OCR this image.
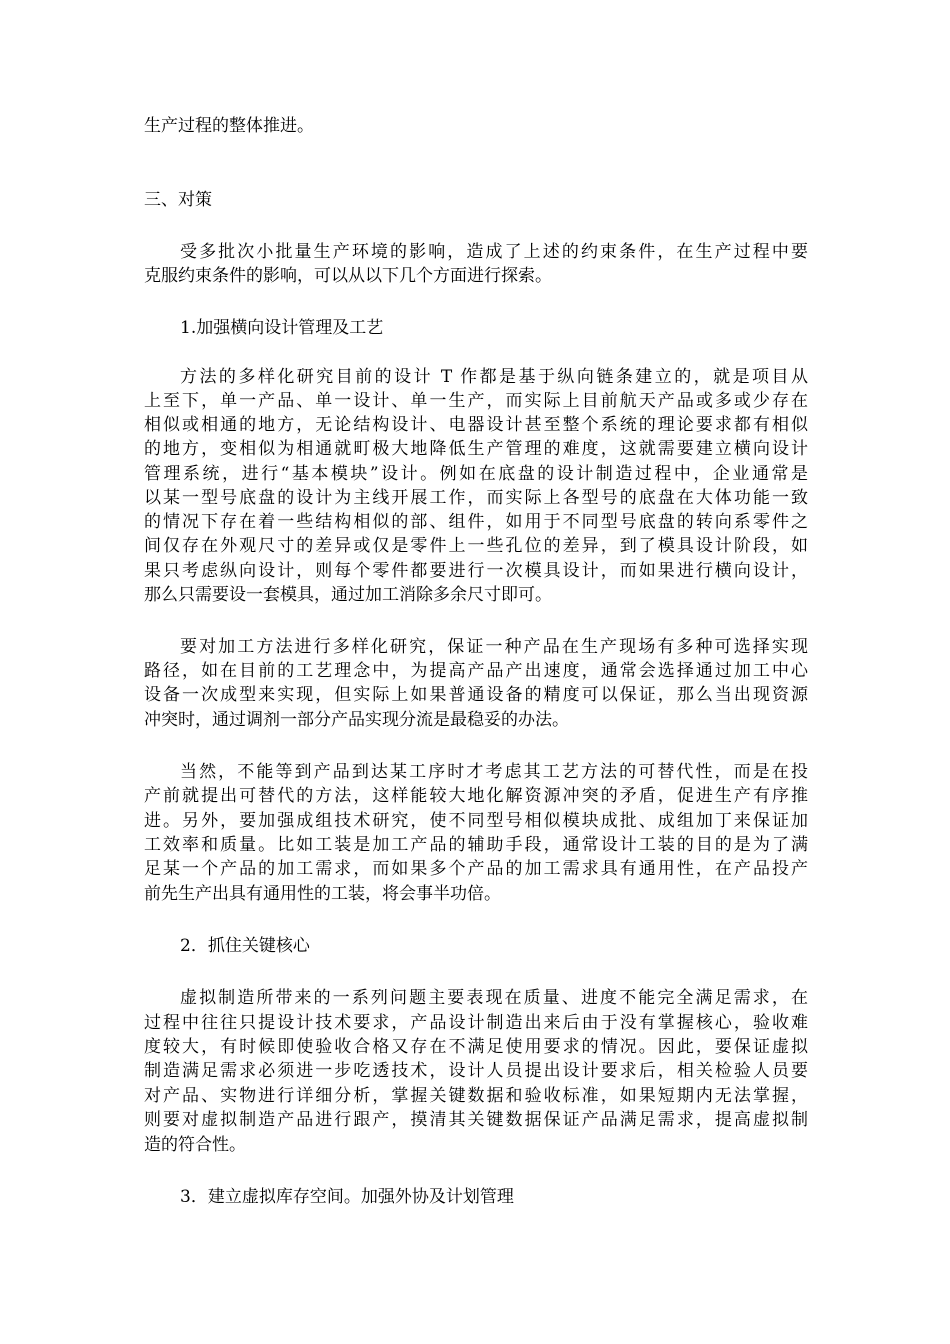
生产过程的整体推进。
三、对策
受多批次小批量生产环境的影响，造成了上述的约束条件，在生产过程中要
克服约束条件的影响，可以从以下几个方面进行探索。
1.加强横向设计管理及工艺
方法的多样化研究目前的设计 T 作都是基于纵向链条建立的，就是项目从
上至下，单一产品、单一设计、单一生产，而实际上目前航天产品或多或少存在
相似或相通的地方，无论结构设计、电器设计甚至整个系统的理论要求都有相似
的地方，变相似为相通就町极大地降低生产管理的难度，这就需要建立横向设计
管理系统，进行“基本模块”设计。例如在底盘的设计制造过程中，企业通常是
以某一型号底盘的设计为主线开展工作，而实际上各型号的底盘在大体功能一致
的情况下存在着一些结构相似的部、组件，如用于不同型号底盘的转向系零件之
间仅存在外观尺寸的差异或仅是零件上一些孔位的差异，到了模具设计阶段，如
果只考虑纵向设计，则每个零件都要进行一次模具设计，而如果进行横向设计，
那么只需要设一套模具，通过加工消除多余尺寸即可。
要对加工方法进行多样化研究，保证一种产品在生产现场有多种可选择实现
路径，如在目前的工艺理念中，为提高产品产出速度，通常会选择通过加工中心
设备一次成型来实现，但实际上如果普通设备的精度可以保证，那么当出现资源
冲突时，通过调剂一部分产品实现分流是最稳妥的办法。
当然，不能等到产品到达某工序时才考虑其工艺方法的可替代性，而是在投
产前就提出可替代的方法，这样能较大地化解资源冲突的矛盾，促进生产有序推
进。另外，要加强成组技术研究，使不同型号相似模块成批、成组加丁来保证加
工效率和质量。比如工装是加工产品的辅助手段，通常设计工装的目的是为了满
足某一个产品的加工需求，而如果多个产品的加工需求具有通用性，在产品投产
前先生产出具有通用性的工装，将会事半功倍。
2．抓住关键核心
虚拟制造所带来的一系列问题主要表现在质量、进度不能完全满足需求，在
过程中往往只提设计技术要求，产品设计制造出来后由于没有掌握核心，验收难
度较大，有时候即使验收合格又存在不满足使用要求的情况。因此，要保证虚拟
制造满足需求必须进一步吃透技术，设计人员提出设计要求后，相关检验人员要
对产品、实物进行详细分析，掌握关键数据和验收标准，如果短期内无法掌握，
则要对虚拟制造产品进行跟产，摸清其关键数据保证产品满足需求，提高虚拟制
造的符合性。
3．建立虚拟库存空间。加强外协及计划管理
